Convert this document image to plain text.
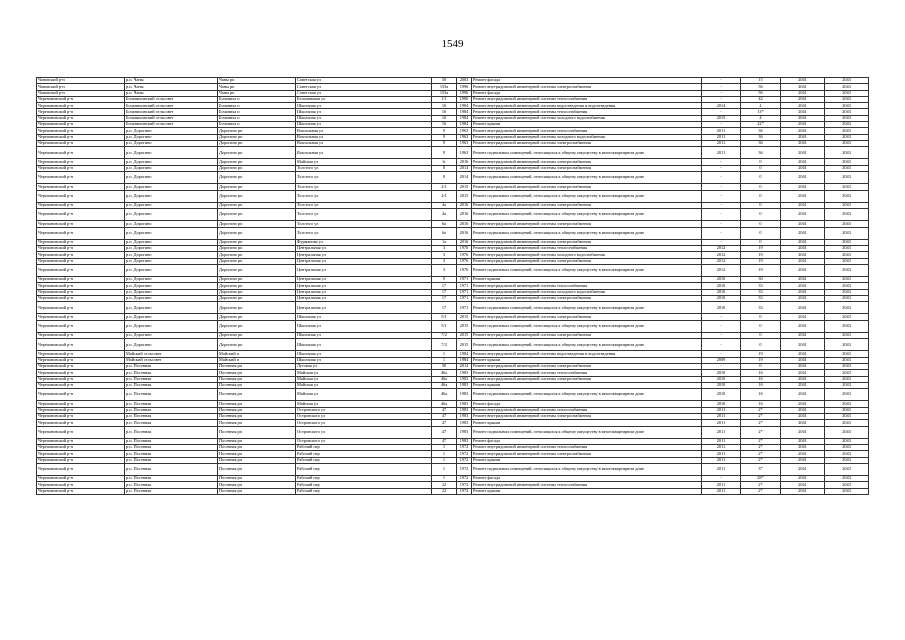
1549
Чановский р-н	р.п. Чаны	Чаны рп	Советская ул	50	2003	Ремонт фасада	-	15	2041	2043
Чановский р-н	р.п. Чаны	Чаны рп	Советская ул	155а	1996	Ремонт внутридомовой инженерной системы электроснабжения	-	56	2041	2043
Чановский р-н	р.п. Чаны	Чаны рп	Советская ул	155а	1996	Ремонт фасада	-	56	2041	2043
Черепановский р-н	Бочанихинский сельсовет	Бочаниха п	Бельняновая ул	1/1	1980	Ремонт внутридомовой инженерной системы теплоснабжения	-	42	2041	2043
Черепановский р-н	Бочанихинский сельсовет	Бочаниха п	Школьная ул	16	1984	Ремонт внутридомовой инженерной системы водоотведения и водоотведения	2014	4	2041	2043
Черепановский р-н	Бочанихинский сельсовет	Бочаниха п	Школьная ул	16	1984	Ремонт внутридомовой инженерной системы теплоснабжения	-	13*	2041	2043
Черепановский р-н	Бочанихинский сельсовет	Бочаниха п	Школьная ул	16	1984	Ремонт внутридомовой инженерной системы холодного водоснабжения	2015	4	2041	2043
Черепановский р-н	Бочанихинский сельсовет	Бочаниха п	Школьная ул	16	1984	Ремонт крыши	-	22*	2041	2043
Черепановский р-н	р.п. Дорогино	Дорогино рп	Вокзальная ул	9	1963	Ремонт внутридомовой инженерной системы теплоснабжения	2011	36	2041	2043
Черепановский р-н	р.п. Дорогино	Дорогино рп	Вокзальная ул	9	1963	Ремонт внутридомовой инженерной системы холодного водоснабжения	2011	36	2041	2043
Черепановский р-н	р.п. Дорогино	Дорогино рп	Вокзальная ул	9	1963	Ремонт внутридомовой инженерной системы электроснабжения	2011	36	2041	2043
Черепановский р-н	р.п. Дорогино	Дорогино рп	Вокзальная ул	9	1963	Ремонт подвальных помещений, относящихся к общему имуществу в многоквартирном доме	2011	36	2041	2043
Черепановский р-н	р.п. Дорогино	Дорогино рп	Майская ул	1г	2016	Ремонт внутридомовой инженерной системы электроснабжения	-	0	2041	2043
Черепановский р-н	р.п. Дорогино	Дорогино рп	Толстого ул	8	2014	Ремонт внутридомовой инженерной системы электроснабжения	-	0	2041	2043
Черепановский р-н	р.п. Дорогино	Дорогино рп	Толстого ул	8	2014	Ремонт подвальных помещений, относящихся к общему имуществу в многоквартирном доме	-	0	2041	2043
Черепановский р-н	р.п. Дорогино	Дорогино рп	Толстого ул	2/1	2015	Ремонт внутридомовой инженерной системы электроснабжения	-	0	2041	2043
Черепановский р-н	р.п. Дорогино	Дорогино рп	Толстого ул	2/1	2015	Ремонт подвальных помещений, относящихся к общему имуществу в многоквартирном доме	-	0	2041	2043
Черепановский р-н	р.п. Дорогино	Дорогино рп	Толстого ул	4а	2016	Ремонт внутридомовой инженерной системы электроснабжения	-	0	2041	2043
Черепановский р-н	р.п. Дорогино	Дорогино рп	Толстого ул	4а	2016	Ремонт подвальных помещений, относящихся к общему имуществу в многоквартирном доме	-	0	2041	2043
Черепановский р-н	р.п. Дорогино	Дорогино рп	Толстого ул	6а	2016	Ремонт внутридомовой инженерной системы электроснабжения	-	0	2041	2043
Черепановский р-н	р.п. Дорогино	Дорогино рп	Толстого ул	6а	2016	Ремонт подвальных помещений, относящихся к общему имуществу в многоквартирном доме	-	0	2041	2043
Черепановский р-н	р.п. Дорогино	Дорогино рп	Фурманова ул	1а	2016	Ремонт внутридомовой инженерной системы электроснабжения	-	0	2041	2043
Черепановский р-н	р.п. Дорогино	Дорогино рп	Центральная ул	3	1976	Ремонт внутридомовой инженерной системы теплоснабжения	2012	19	2041	2043
Черепановский р-н	р.п. Дорогино	Дорогино рп	Центральная ул	3	1976	Ремонт внутридомовой инженерной системы холодного водоснабжения	2012	19	2041	2043
Черепановский р-н	р.п. Дорогино	Дорогино рп	Центральная ул	3	1976	Ремонт внутридомовой инженерной системы электроснабжения	2012	19	2041	2043
Черепановский р-н	р.п. Дорогино	Дорогино рп	Центральная ул	3	1976	Ремонт подвальных помещений, относящихся к общему имуществу в многоквартирном доме	2012	19	2041	2043
Черепановский р-н	р.п. Дорогино	Дорогино рп	Центральная ул	9	1971	Ремонт крыши	2010	30	2041	2043
Черепановский р-н	р.п. Дорогино	Дорогино рп	Центральная ул	17	1971	Ремонт внутридомовой инженерной системы теплоснабжения	2010	33	2041	2043
Черепановский р-н	р.п. Дорогино	Дорогино рп	Центральная ул	17	1971	Ремонт внутридомовой инженерной системы холодного водоснабжения	2010	33	2041	2043
Черепановский р-н	р.п. Дорогино	Дорогино рп	Центральная ул	17	1971	Ремонт внутридомовой инженерной системы электроснабжения	2010	33	2041	2043
Черепановский р-н	р.п. Дорогино	Дорогино рп	Центральная ул	17	1971	Ремонт подвальных помещений, относящихся к общему имуществу в многоквартирном доме	2010	33	2041	2043
Черепановский р-н	р.п. Дорогино	Дорогино рп	Школьная ул	5/1	2015	Ремонт внутридомовой инженерной системы электроснабжения	-	0	2041	2043
Черепановский р-н	р.п. Дорогино	Дорогино рп	Школьная ул	5/1	2015	Ремонт подвальных помещений, относящихся к общему имуществу в многоквартирном доме	-	0	2041	2043
Черепановский р-н	р.п. Дорогино	Дорогино рп	Школьная ул	7/2	2015	Ремонт внутридомовой инженерной системы электроснабжения	-	0	2041	2043
Черепановский р-н	р.п. Дорогино	Дорогино рп	Школьная ул	7/2	2015	Ремонт подвальных помещений, относящихся к общему имуществу в многоквартирном доме	-	0	2041	2043
Черепановский р-н	Майский сельсовет	Майский п	Школьная ул	1	1984	Ремонт внутридомовой инженерной системы водоотведения и водоотведения	-	19	2041	2043
Черепановский р-н	Майский сельсовет	Майский п	Школьная ул	1	1984	Ремонт крыши	2009	19	2041	2043
Черепановский р-н	р.п. Посевная	Посевная рп	Луговая ул	30	2014	Ремонт внутридомовой инженерной системы электроснабжения	-	0	2041	2043
Черепановский р-н	р.п. Посевная	Посевная рп	Майская ул	46а	1983	Ремонт внутридомовой инженерной системы теплоснабжения	2010	16	2041	2043
Черепановский р-н	р.п. Посевная	Посевная рп	Майская ул	46а	1983	Ремонт внутридомовой инженерной системы электроснабжения	2010	16	2041	2043
Черепановский р-н	р.п. Посевная	Посевная рп	Майская ул	46а	1983	Ремонт крыши	2010	16	2041	2043
Черепановский р-н	р.п. Посевная	Посевная рп	Майская ул	46а	1983	Ремонт подвальных помещений, относящихся к общему имуществу в многоквартирном доме	2010	16	2041	2043
Черепановский р-н	р.п. Посевная	Посевная рп	Майская ул	46а	1983	Ремонт фасада	2010	16	2041	2043
Черепановский р-н	р.п. Посевная	Посевная рп	Островского ул	47	1983	Ремонт внутридомовой инженерной системы теплоснабжения	2011	2*	2041	2043
Черепановский р-н	р.п. Посевная	Посевная рп	Островского ул	47	1983	Ремонт внутридомовой инженерной системы электроснабжения	2011	2*	2041	2043
Черепановский р-н	р.п. Посевная	Посевная рп	Островского ул	47	1983	Ремонт крыши	2011	2*	2041	2043
Черепановский р-н	р.п. Посевная	Посевная рп	Островского ул	47	1983	Ремонт подвальных помещений, относящихся к общему имуществу в многоквартирном доме	2011	2*	2041	2043
Черепановский р-н	р.п. Посевная	Посевная рп	Островского ул	47	1983	Ремонт фасада	2011	2*	2041	2043
Черепановский р-н	р.п. Посевная	Посевная рп	Рабочий пер	1	1972	Ремонт внутридомовой инженерной системы теплоснабжения	2011	2*	2041	2043
Черепановский р-н	р.п. Посевная	Посевная рп	Рабочий пер	1	1972	Ремонт внутридомовой инженерной системы электроснабжения	2011	2*	2041	2043
Черепановский р-н	р.п. Посевная	Посевная рп	Рабочий пер	1	1972	Ремонт крыши	2011	2*	2041	2043
Черепановский р-н	р.п. Посевная	Посевная рп	Рабочий пер	1	1972	Ремонт подвальных помещений, относящихся к общему имуществу в многоквартирном доме	2011	3*	2041	2043
Черепановский р-н	р.п. Посевная	Посевная рп	Рабочий пер	1	1972	Ремонт фасада	-	28*	2041	2043
Черепановский р-н	р.п. Посевная	Посевная рп	Рабочий пер	22	1972	Ремонт внутридомовой инженерной системы теплоснабжения	2011	2*	2041	2043
Черепановский р-н	р.п. Посевная	Посевная рп	Рабочий пер	22	1972	Ремонт крыши	2011	2*	2041	2043
